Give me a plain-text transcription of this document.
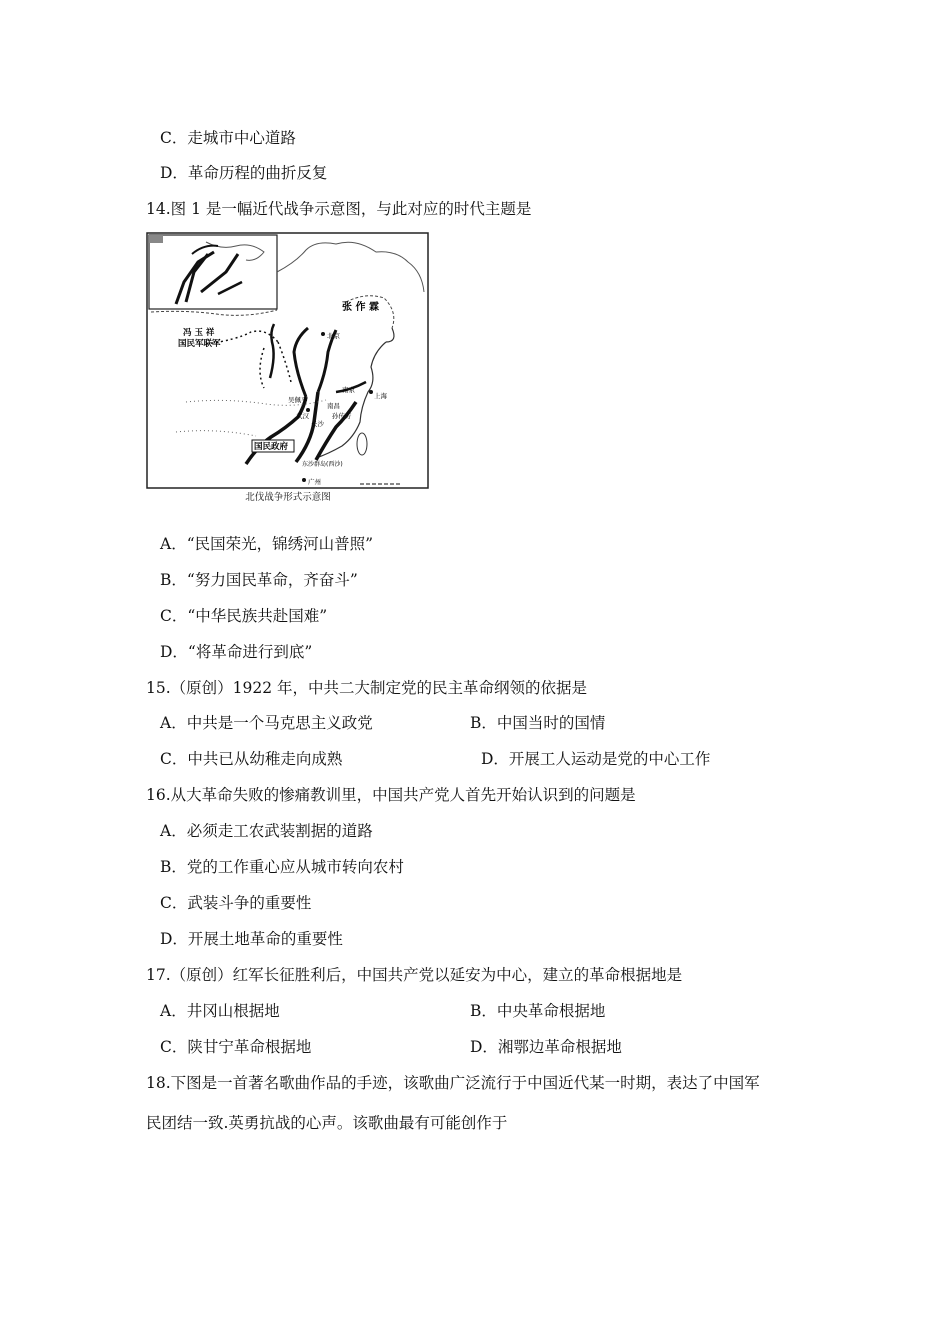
C．走城市中心道路
D．革命历程的曲折反复
14.图 1 是一幅近代战争示意图，与此对应的时代主题是
张 作 霖
冯 玉 祥
国民军联军
国民政府
吴佩孚
武汉
南昌
长沙
北京
上海
南京
孙传芳
广州
东沙群岛(西沙)
北伐战争形式示意图
A．“民国荣光，锦绣河山普照”
B．“努力国民革命，齐奋斗”
C．“中华民族共赴国难”
D．“将革命进行到底”
15.（原创）1922 年，中共二大制定党的民主革命纲领的依据是
A．中共是一个马克思主义政党	B．中国当时的国情
C．中共已从幼稚走向成熟	D．开展工人运动是党的中心工作
16.从大革命失败的惨痛教训里，中国共产党人首先开始认识到的问题是
A．必须走工农武装割据的道路
B．党的工作重心应从城市转向农村
C．武装斗争的重要性
D．开展土地革命的重要性
17.（原创）红军长征胜利后，中国共产党以延安为中心，建立的革命根据地是
A．井冈山根据地	B．中央革命根据地
C．陕甘宁革命根据地	D．湘鄂边革命根据地
18.下图是一首著名歌曲作品的手迹，该歌曲广泛流行于中国近代某一时期，表达了中国军
民团结一致.英勇抗战的心声。该歌曲最有可能创作于
